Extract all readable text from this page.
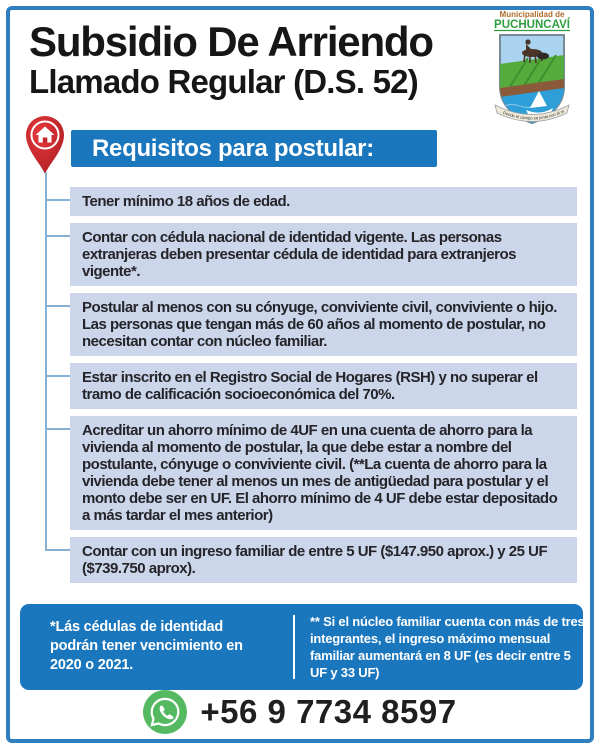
Subsidio De Arriendo
Llamado Regular (D.S. 52)
Municipalidad de
PUCHUNCAVÍ
Donde el campo se junta con el mar
Requisitos para postular:
Tener mínimo 18 años de edad.
Contar con cédula nacional de identidad vigente. Las personas extranjeras deben presentar cédula de identidad para extranjeros vigente*.
Postular al menos con su cónyuge, conviviente civil, conviviente o hijo. Las personas que tengan más de 60 años al momento de postular, no necesitan contar con núcleo familiar.
Estar inscrito en el Registro Social de Hogares (RSH) y no superar el tramo de calificación socioeconómica del 70%.
Acreditar un ahorro mínimo de 4UF en una cuenta de ahorro para la vivienda al momento de postular, la que debe estar a nombre del postulante, cónyuge o conviviente civil. (**La cuenta de ahorro para la vivienda debe tener al menos un mes de antigüedad para postular y el monto debe ser en UF. El ahorro mínimo de 4 UF debe estar depositado a más tardar el mes anterior)
Contar con un ingreso familiar de entre 5 UF ($147.950 aprox.) y 25 UF ($739.750 aprox).
*Lás cédulas de identidad podrán tener vencimiento en 2020 o 2021.
** Si el núcleo familiar cuenta con más de tres integrantes, el ingreso máximo mensual familiar aumentará en 8 UF (es decir entre 5 UF y 33 UF)
+56 9 7734 8597
